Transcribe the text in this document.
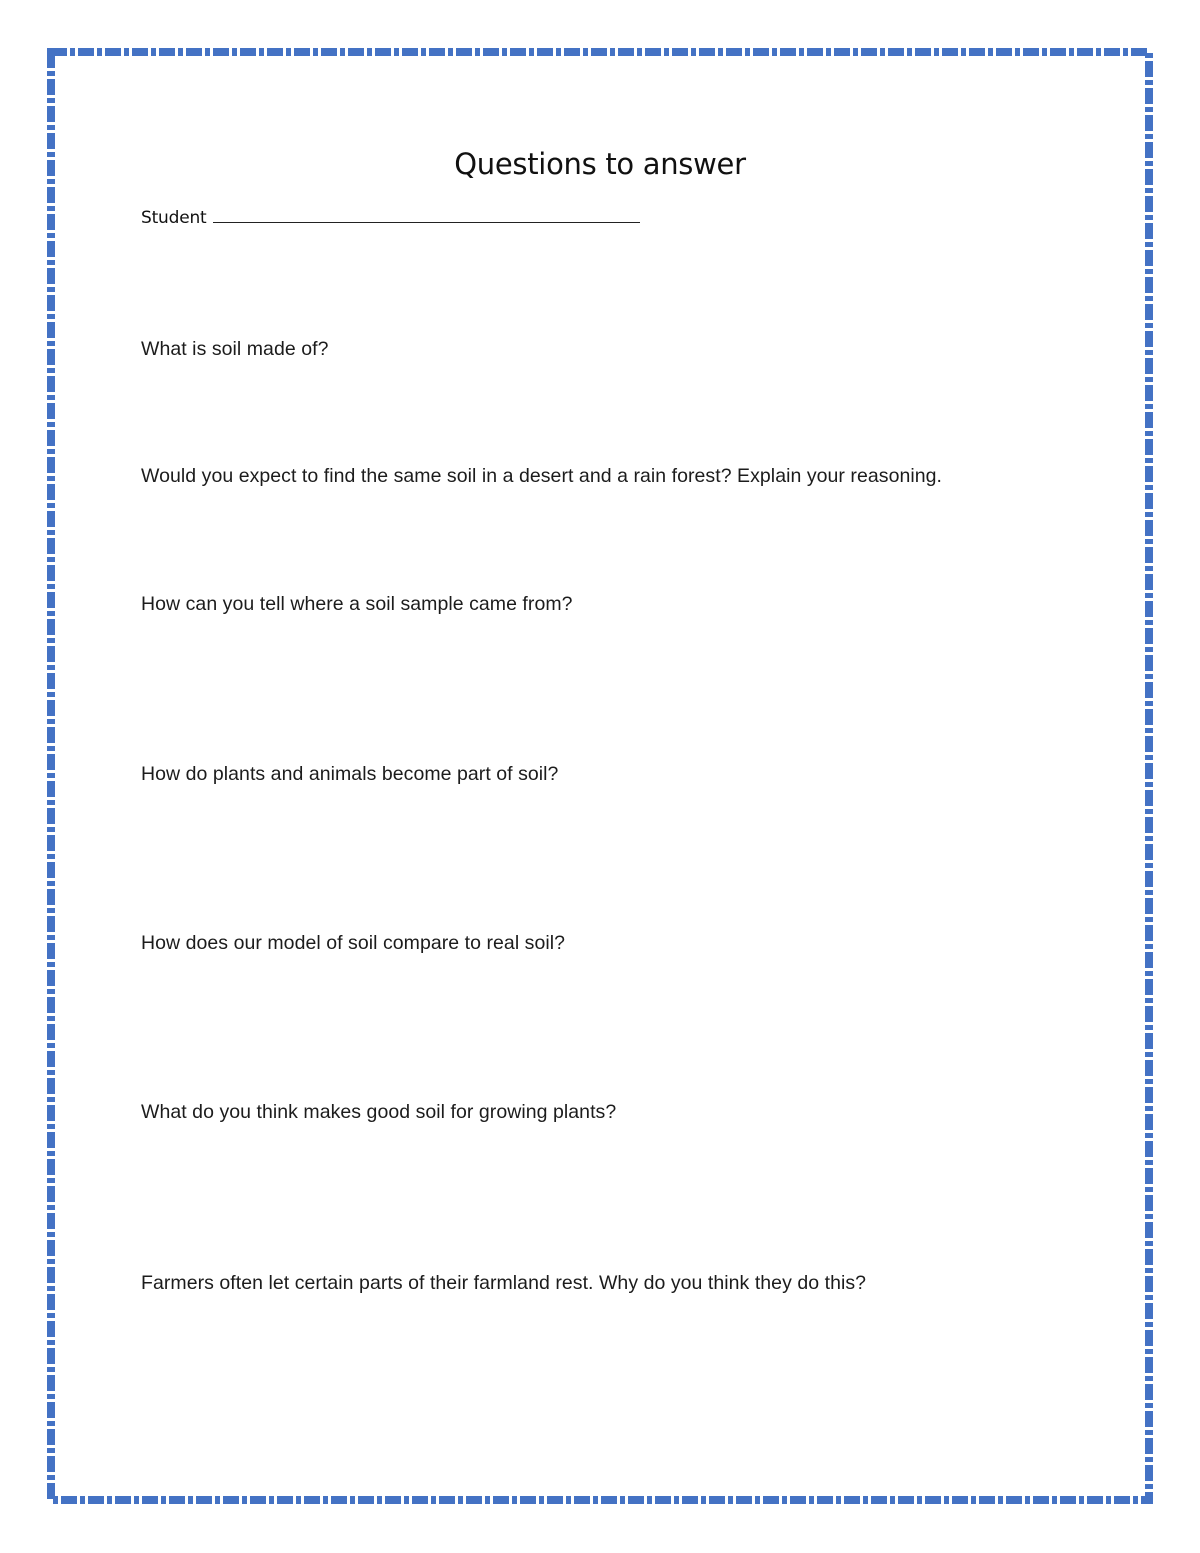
Questions to answer
Student
What is soil made of?
Would you expect to find the same soil in a desert and a rain forest? Explain your reasoning.
How can you tell where a soil sample came from?
How do plants and animals become part of soil?
How does our model of soil compare to real soil?
What do you think makes good soil for growing plants?
Farmers often let certain parts of their farmland rest. Why do you think they do this?
